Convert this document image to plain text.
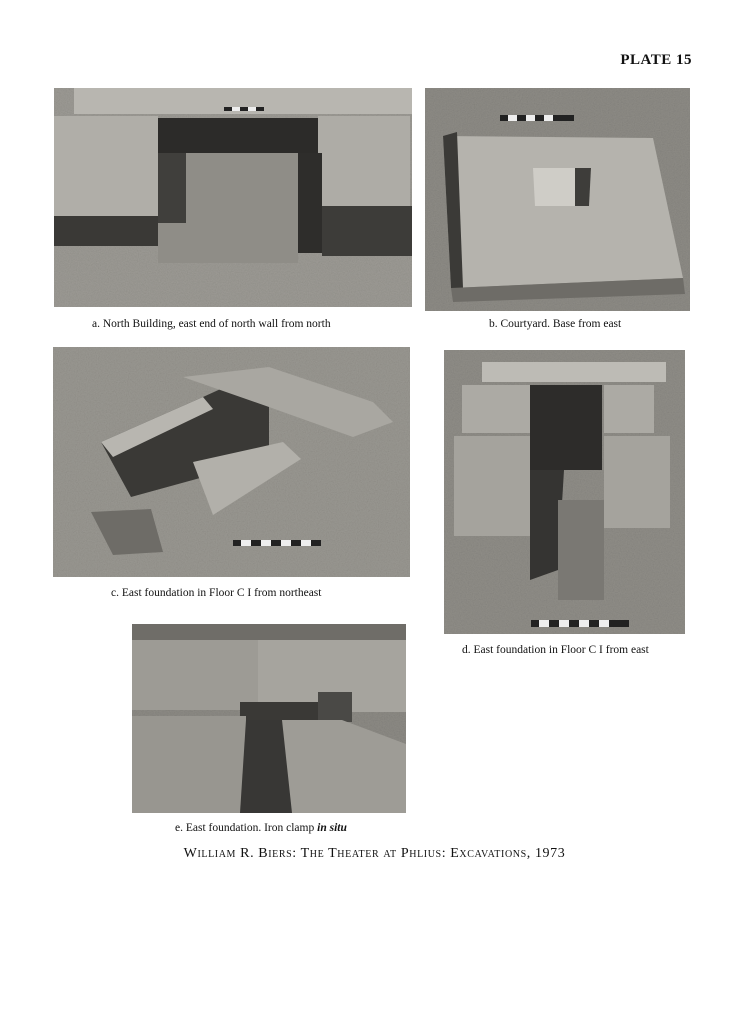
PLATE 15
a. North Building, east end of north wall from north	b. Courtyard. Base from east
c. East foundation in Floor C I from northeast
d. East foundation in Floor C I from east
e. East foundation. Iron clamp in situ
William R. Biers: The Theater at Phlius: Excavations, 1973
